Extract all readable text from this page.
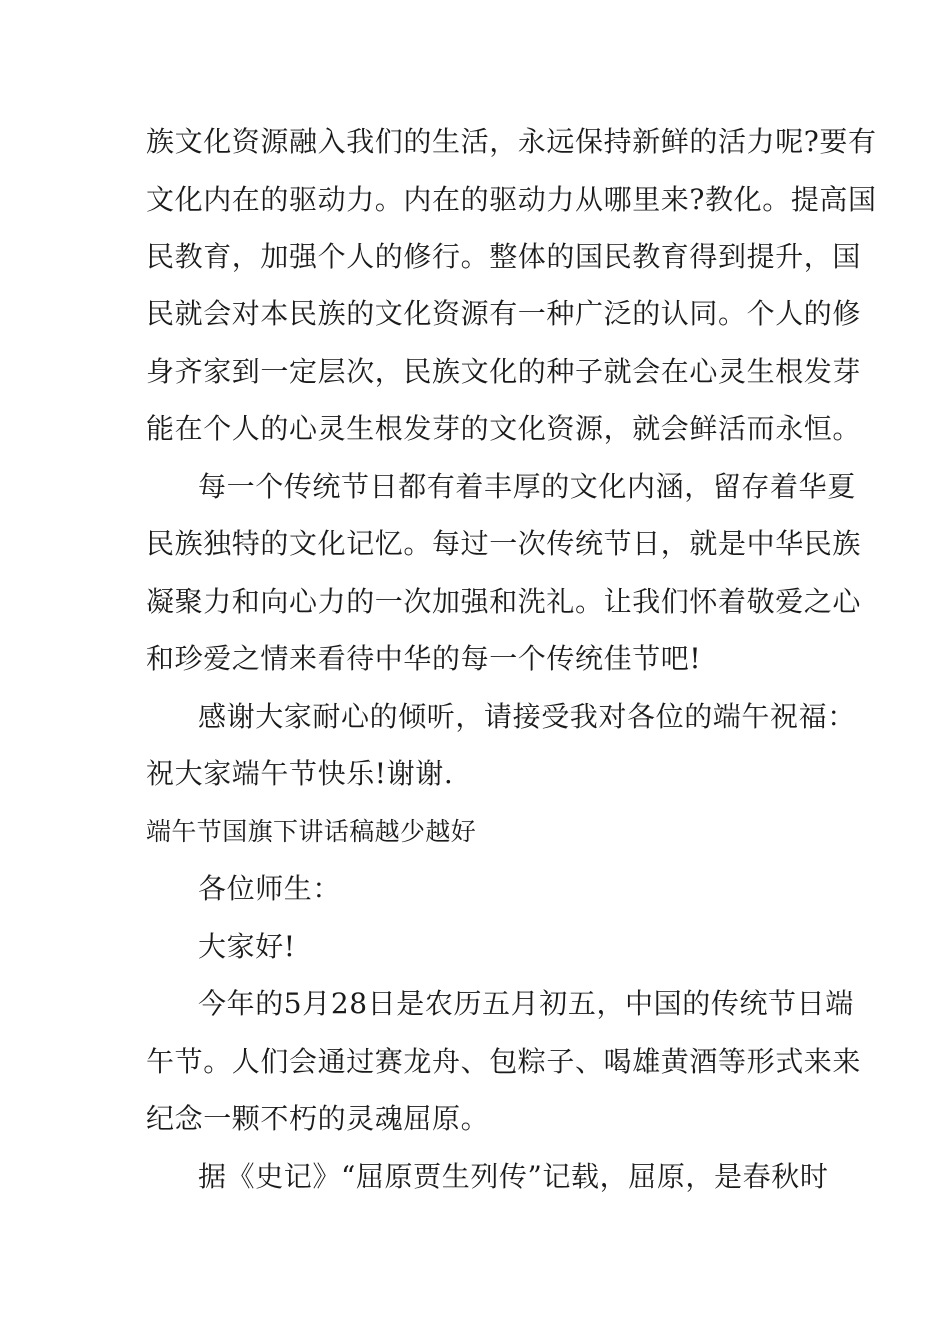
族文化资源融入我们的生活，永远保持新鲜的活力呢?要有
文化内在的驱动力。内在的驱动力从哪里来?教化。提高国
民教育，加强个人的修行。整体的国民教育得到提升，国
民就会对本民族的文化资源有一种广泛的认同。个人的修
身齐家到一定层次，民族文化的种子就会在心灵生根发芽
能在个人的心灵生根发芽的文化资源，就会鲜活而永恒。
每一个传统节日都有着丰厚的文化内涵，留存着华夏
民族独特的文化记忆。每过一次传统节日，就是中华民族
凝聚力和向心力的一次加强和洗礼。让我们怀着敬爱之心
和珍爱之情来看待中华的每一个传统佳节吧!
感谢大家耐心的倾听，请接受我对各位的端午祝福：
祝大家端午节快乐!谢谢.
端午节国旗下讲话稿越少越好
各位师生：
大家好!
今年的5月28日是农历五月初五，中国的传统节日端
午节。人们会通过赛龙舟、包粽子、喝雄黄酒等形式来来
纪念一颗不朽的灵魂屈原。
据《史记》“屈原贾生列传”记载，屈原，是春秋时
